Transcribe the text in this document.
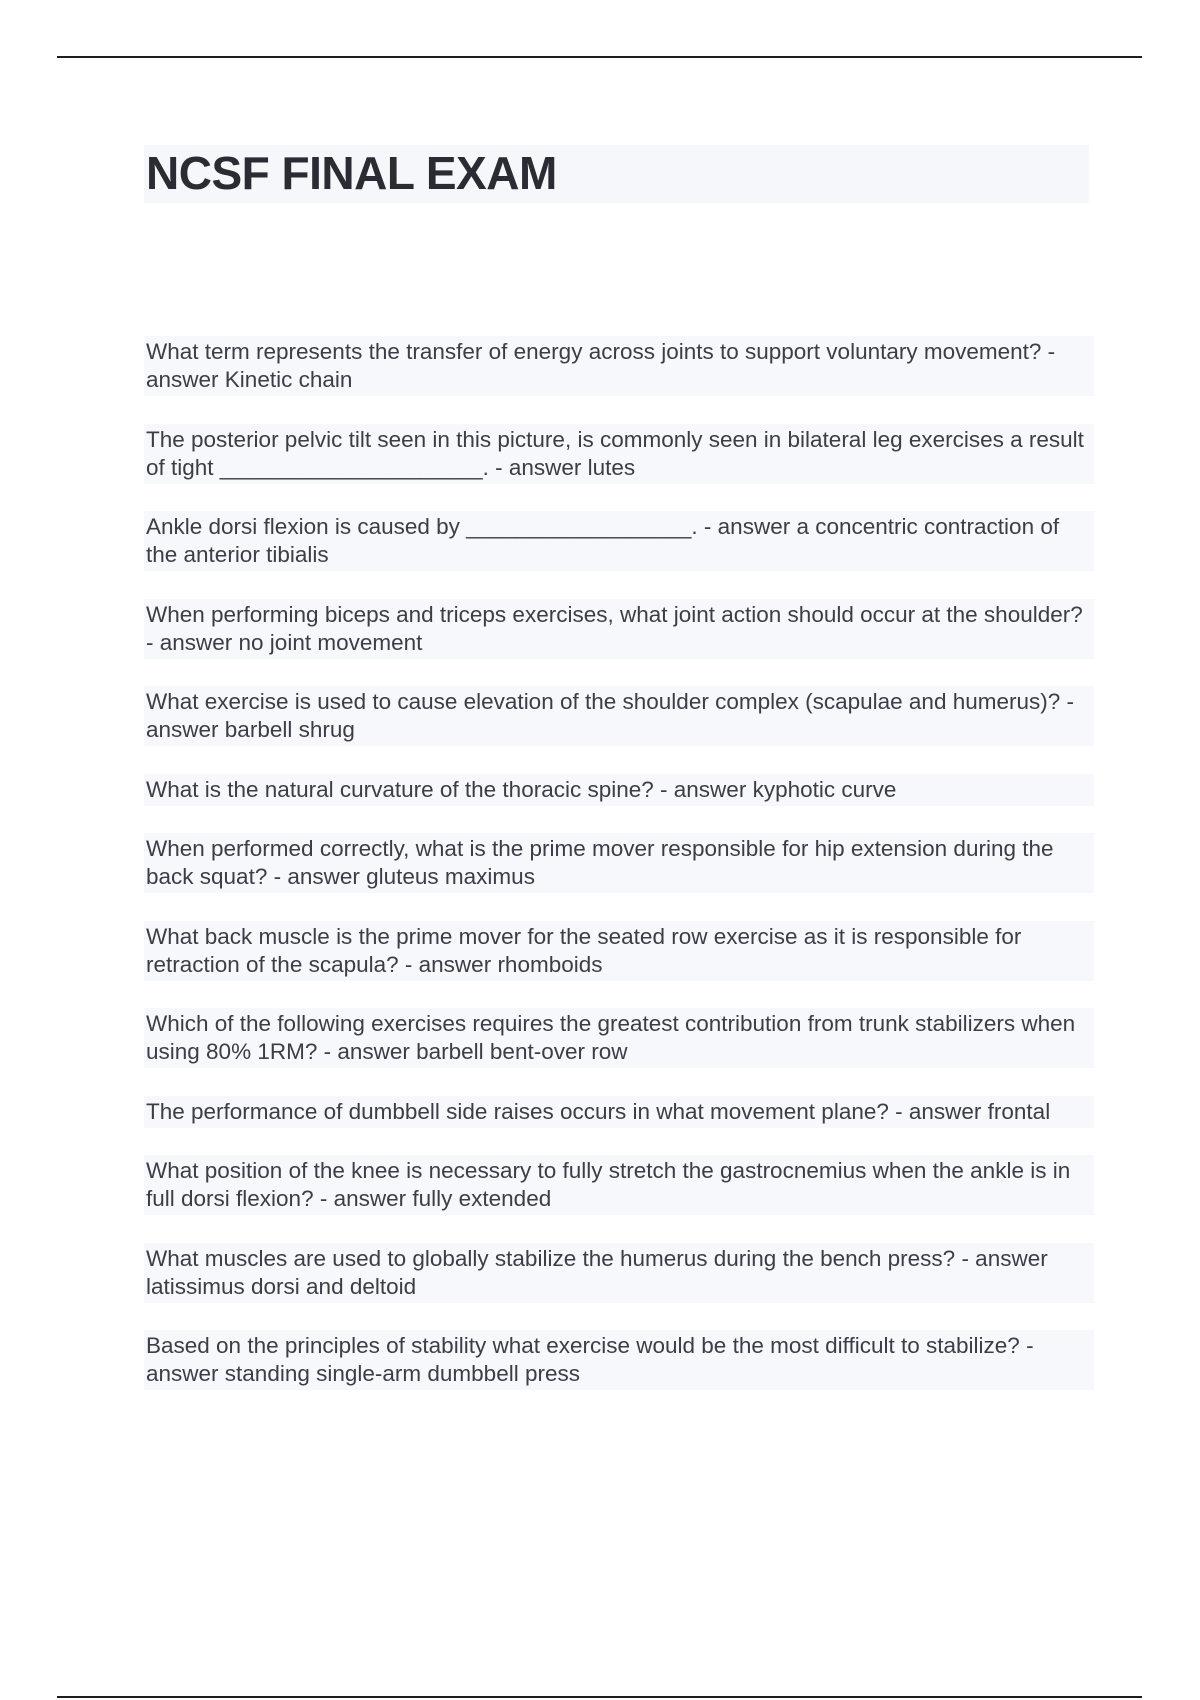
NCSF FINAL EXAM

What term represents the transfer of energy across joints to support voluntary movement? - answer Kinetic chain

The posterior pelvic tilt seen in this picture, is commonly seen in bilateral leg exercises a result of tight _____________________. - answer lutes

Ankle dorsi flexion is caused by __________________. - answer a concentric contraction of the anterior tibialis

When performing biceps and triceps exercises, what joint action should occur at the shoulder? - answer no joint movement

What exercise is used to cause elevation of the shoulder complex (scapulae and humerus)? - answer barbell shrug

What is the natural curvature of the thoracic spine? - answer kyphotic curve

When performed correctly, what is the prime mover responsible for hip extension during the back squat? - answer gluteus maximus

What back muscle is the prime mover for the seated row exercise as it is responsible for retraction of the scapula? - answer rhomboids

Which of the following exercises requires the greatest contribution from trunk stabilizers when using 80% 1RM? - answer barbell bent-over row

The performance of dumbbell side raises occurs in what movement plane? - answer frontal

What position of the knee is necessary to fully stretch the gastrocnemius when the ankle is in full dorsi flexion? - answer fully extended

What muscles are used to globally stabilize the humerus during the bench press? - answer latissimus dorsi and deltoid

Based on the principles of stability what exercise would be the most difficult to stabilize? - answer standing single-arm dumbbell press
